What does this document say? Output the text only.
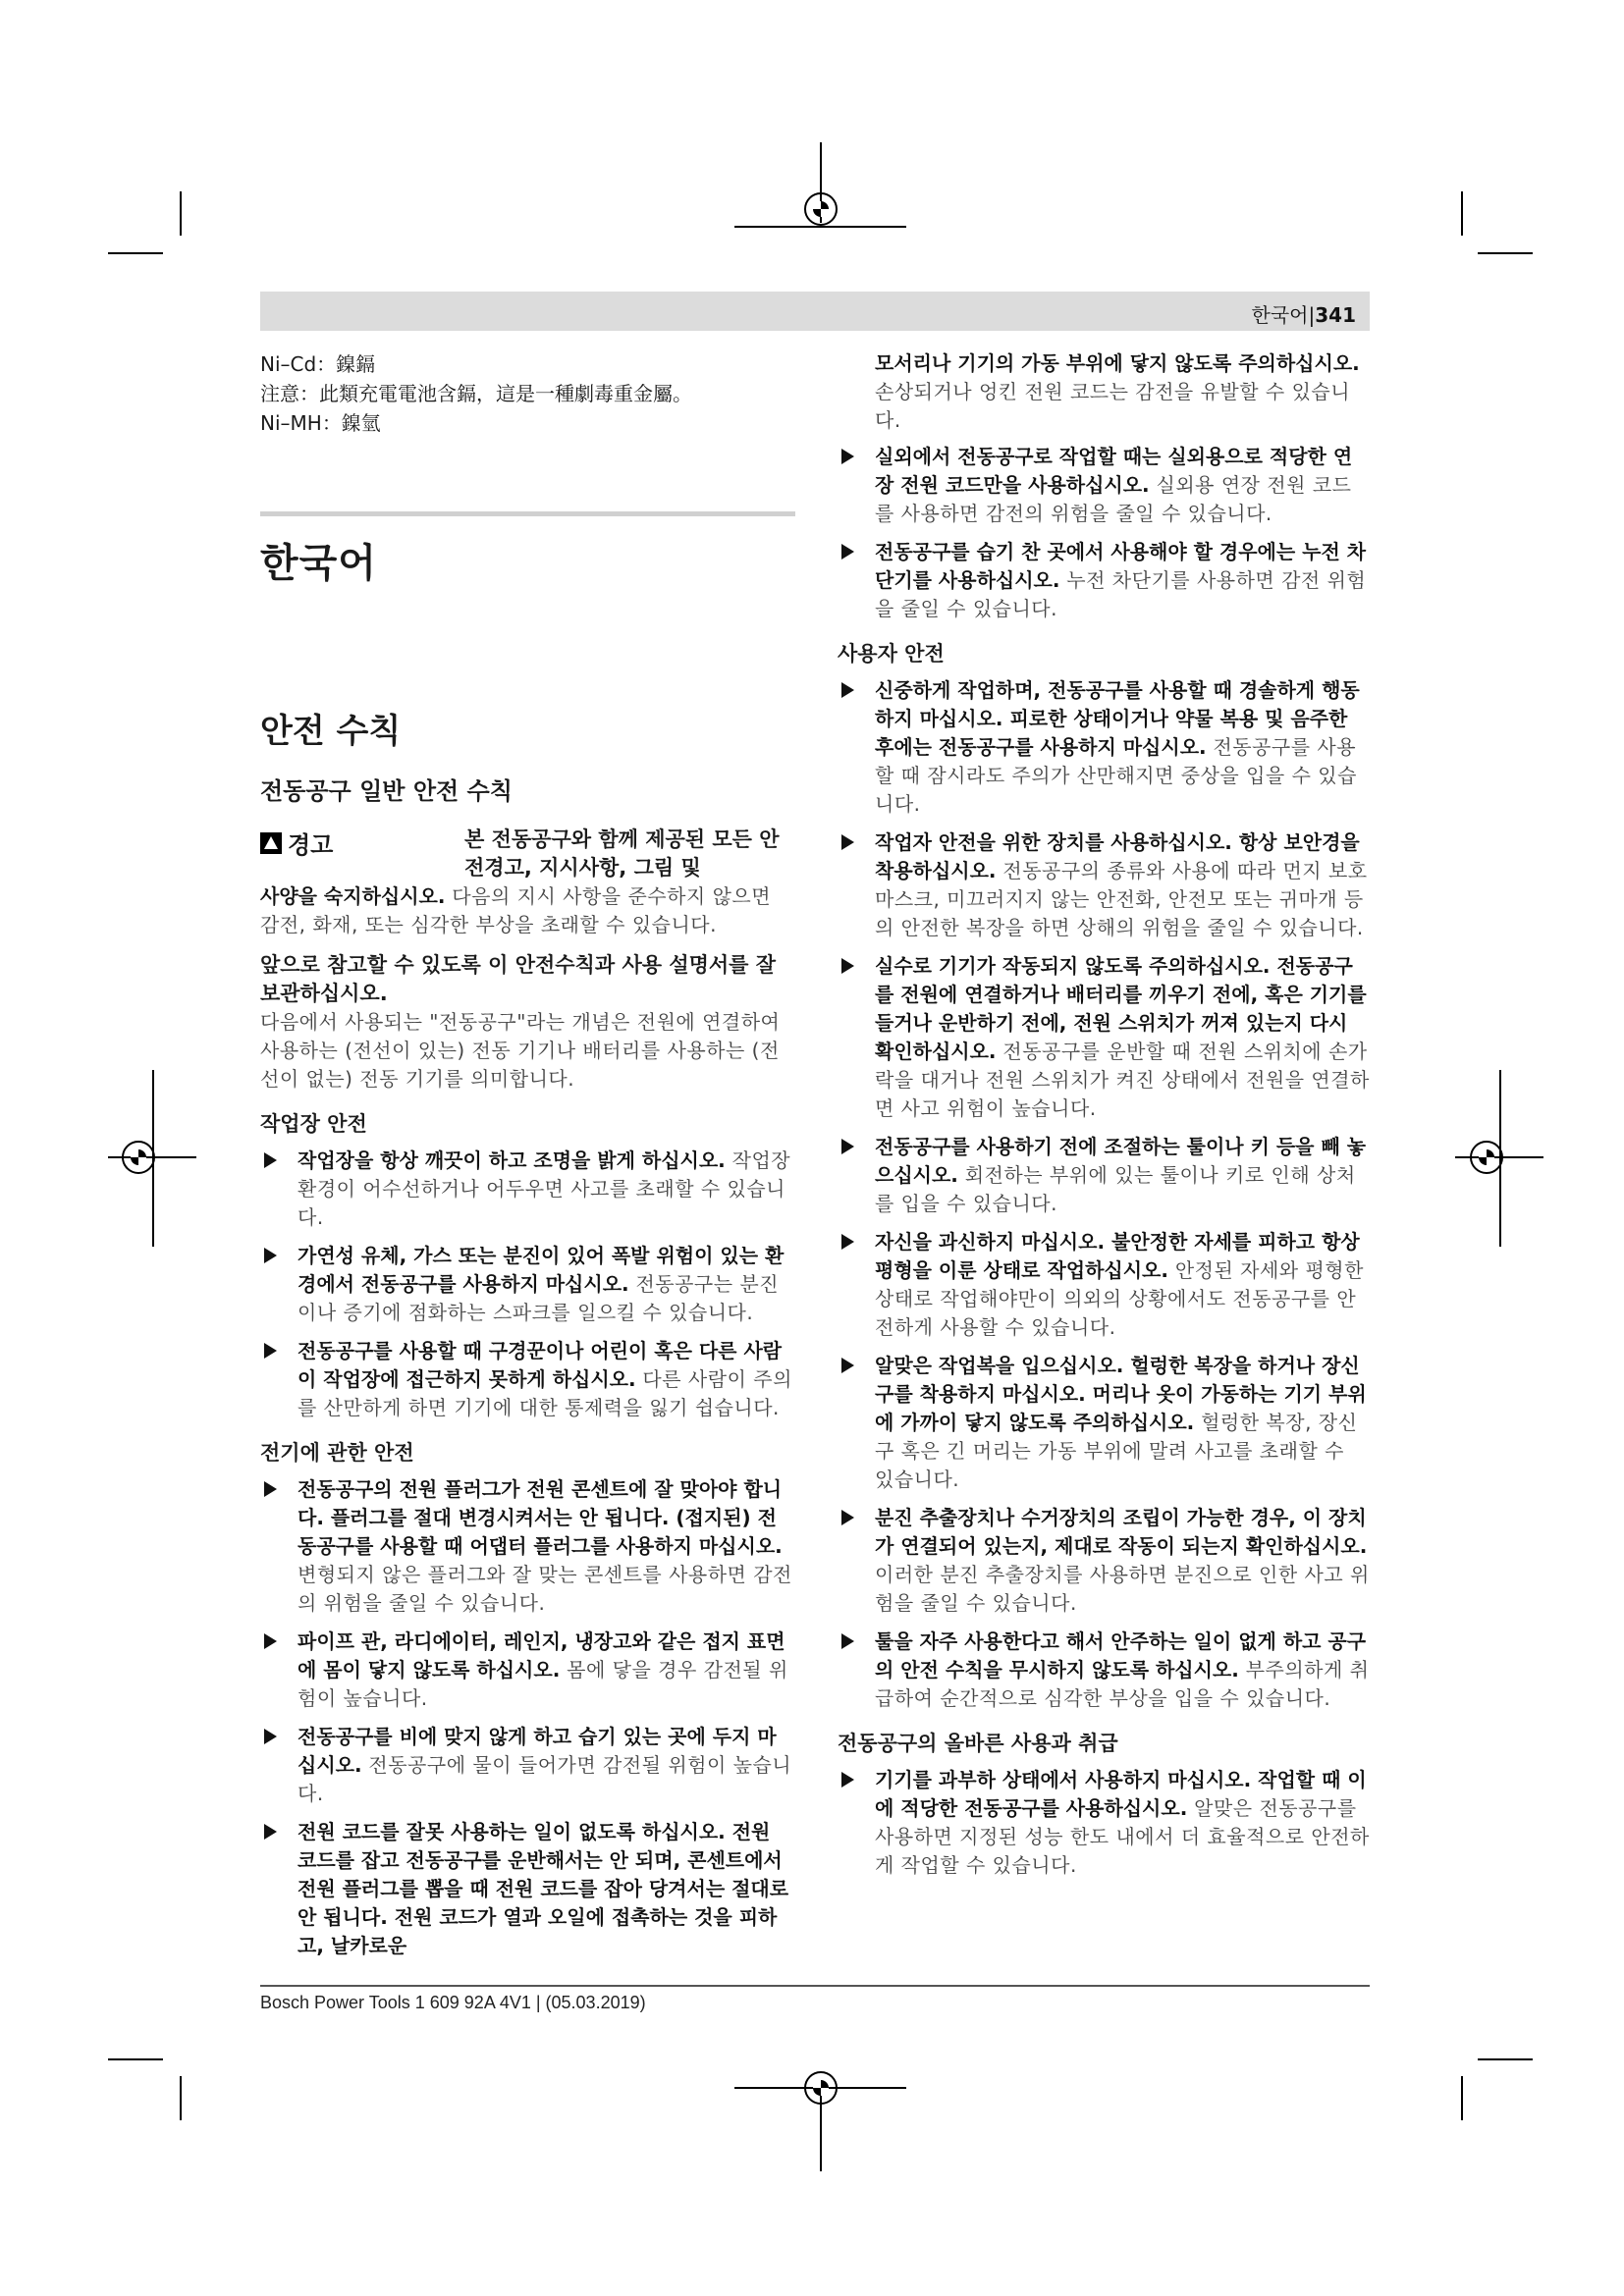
한국어|341

Ni–Cd：鎳鎘

注意：此類充電電池含鎘，這是一種劇毒重金屬。

Ni–MH：鎳氫

한국어
안전 수칙
전동공구 일반 안전 수칙
경고	본 전동공구와 함께 제공된 모든 안전경고, 지시사항, 그림 및

사양을 숙지하십시오. 다음의 지시 사항을 준수하지 않으면 감전, 화재, 또는 심각한 부상을 초래할 수 있습니다.

앞으로 참고할 수 있도록 이 안전수칙과 사용 설명서를 잘 보관하십시오.

다음에서 사용되는 "전동공구"라는 개념은 전원에 연결하여 사용하는 (전선이 있는) 전동 기기나 배터리를 사용하는 (전선이 없는) 전동 기기를 의미합니다.

작업장 안전
작업장을 항상 깨끗이 하고 조명을 밝게 하십시오. 작업장 환경이 어수선하거나 어두우면 사고를 초래할 수 있습니다.
가연성 유체, 가스 또는 분진이 있어 폭발 위험이 있는 환경에서 전동공구를 사용하지 마십시오. 전동공구는 분진이나 증기에 점화하는 스파크를 일으킬 수 있습니다.
전동공구를 사용할 때 구경꾼이나 어린이 혹은 다른 사람이 작업장에 접근하지 못하게 하십시오. 다른 사람이 주의를 산만하게 하면 기기에 대한 통제력을 잃기 쉽습니다.
전기에 관한 안전
전동공구의 전원 플러그가 전원 콘센트에 잘 맞아야 합니다. 플러그를 절대 변경시켜서는 안 됩니다. (접지된) 전동공구를 사용할 때 어댑터 플러그를 사용하지 마십시오. 변형되지 않은 플러그와 잘 맞는 콘센트를 사용하면 감전의 위험을 줄일 수 있습니다.
파이프 관, 라디에이터, 레인지, 냉장고와 같은 접지 표면에 몸이 닿지 않도록 하십시오. 몸에 닿을 경우 감전될 위험이 높습니다.
전동공구를 비에 맞지 않게 하고 습기 있는 곳에 두지 마십시오. 전동공구에 물이 들어가면 감전될 위험이 높습니다.
전원 코드를 잘못 사용하는 일이 없도록 하십시오. 전원 코드를 잡고 전동공구를 운반해서는 안 되며, 콘센트에서 전원 플러그를 뽑을 때 전원 코드를 잡아 당겨서는 절대로 안 됩니다. 전원 코드가 열과 오일에 접촉하는 것을 피하고, 날카로운

모서리나 기기의 가동 부위에 닿지 않도록 주의하십시오. 손상되거나 엉킨 전원 코드는 감전을 유발할 수 있습니다.

실외에서 전동공구로 작업할 때는 실외용으로 적당한 연장 전원 코드만을 사용하십시오. 실외용 연장 전원 코드를 사용하면 감전의 위험을 줄일 수 있습니다.
전동공구를 습기 찬 곳에서 사용해야 할 경우에는 누전 차단기를 사용하십시오. 누전 차단기를 사용하면 감전 위험을 줄일 수 있습니다.
사용자 안전
신중하게 작업하며, 전동공구를 사용할 때 경솔하게 행동하지 마십시오. 피로한 상태이거나 약물 복용 및 음주한 후에는 전동공구를 사용하지 마십시오. 전동공구를 사용할 때 잠시라도 주의가 산만해지면 중상을 입을 수 있습니다.
작업자 안전을 위한 장치를 사용하십시오. 항상 보안경을 착용하십시오. 전동공구의 종류와 사용에 따라 먼지 보호 마스크, 미끄러지지 않는 안전화, 안전모 또는 귀마개 등의 안전한 복장을 하면 상해의 위험을 줄일 수 있습니다.
실수로 기기가 작동되지 않도록 주의하십시오. 전동공구를 전원에 연결하거나 배터리를 끼우기 전에, 혹은 기기를 들거나 운반하기 전에, 전원 스위치가 꺼져 있는지 다시 확인하십시오. 전동공구를 운반할 때 전원 스위치에 손가락을 대거나 전원 스위치가 켜진 상태에서 전원을 연결하면 사고 위험이 높습니다.
전동공구를 사용하기 전에 조절하는 툴이나 키 등을 빼 놓으십시오. 회전하는 부위에 있는 툴이나 키로 인해 상처를 입을 수 있습니다.
자신을 과신하지 마십시오. 불안정한 자세를 피하고 항상 평형을 이룬 상태로 작업하십시오. 안정된 자세와 평형한 상태로 작업해야만이 의외의 상황에서도 전동공구를 안전하게 사용할 수 있습니다.
알맞은 작업복을 입으십시오. 헐렁한 복장을 하거나 장신구를 착용하지 마십시오. 머리나 옷이 가동하는 기기 부위에 가까이 닿지 않도록 주의하십시오. 헐렁한 복장, 장신구 혹은 긴 머리는 가동 부위에 말려 사고를 초래할 수 있습니다.
분진 추출장치나 수거장치의 조립이 가능한 경우, 이 장치가 연결되어 있는지, 제대로 작동이 되는지 확인하십시오. 이러한 분진 추출장치를 사용하면 분진으로 인한 사고 위험을 줄일 수 있습니다.
툴을 자주 사용한다고 해서 안주하는 일이 없게 하고 공구의 안전 수칙을 무시하지 않도록 하십시오. 부주의하게 취급하여 순간적으로 심각한 부상을 입을 수 있습니다.
전동공구의 올바른 사용과 취급
기기를 과부하 상태에서 사용하지 마십시오. 작업할 때 이에 적당한 전동공구를 사용하십시오. 알맞은 전동공구를 사용하면 지정된 성능 한도 내에서 더 효율적으로 안전하게 작업할 수 있습니다.
Bosch Power Tools 1 609 92A 4V1 | (05.03.2019)
